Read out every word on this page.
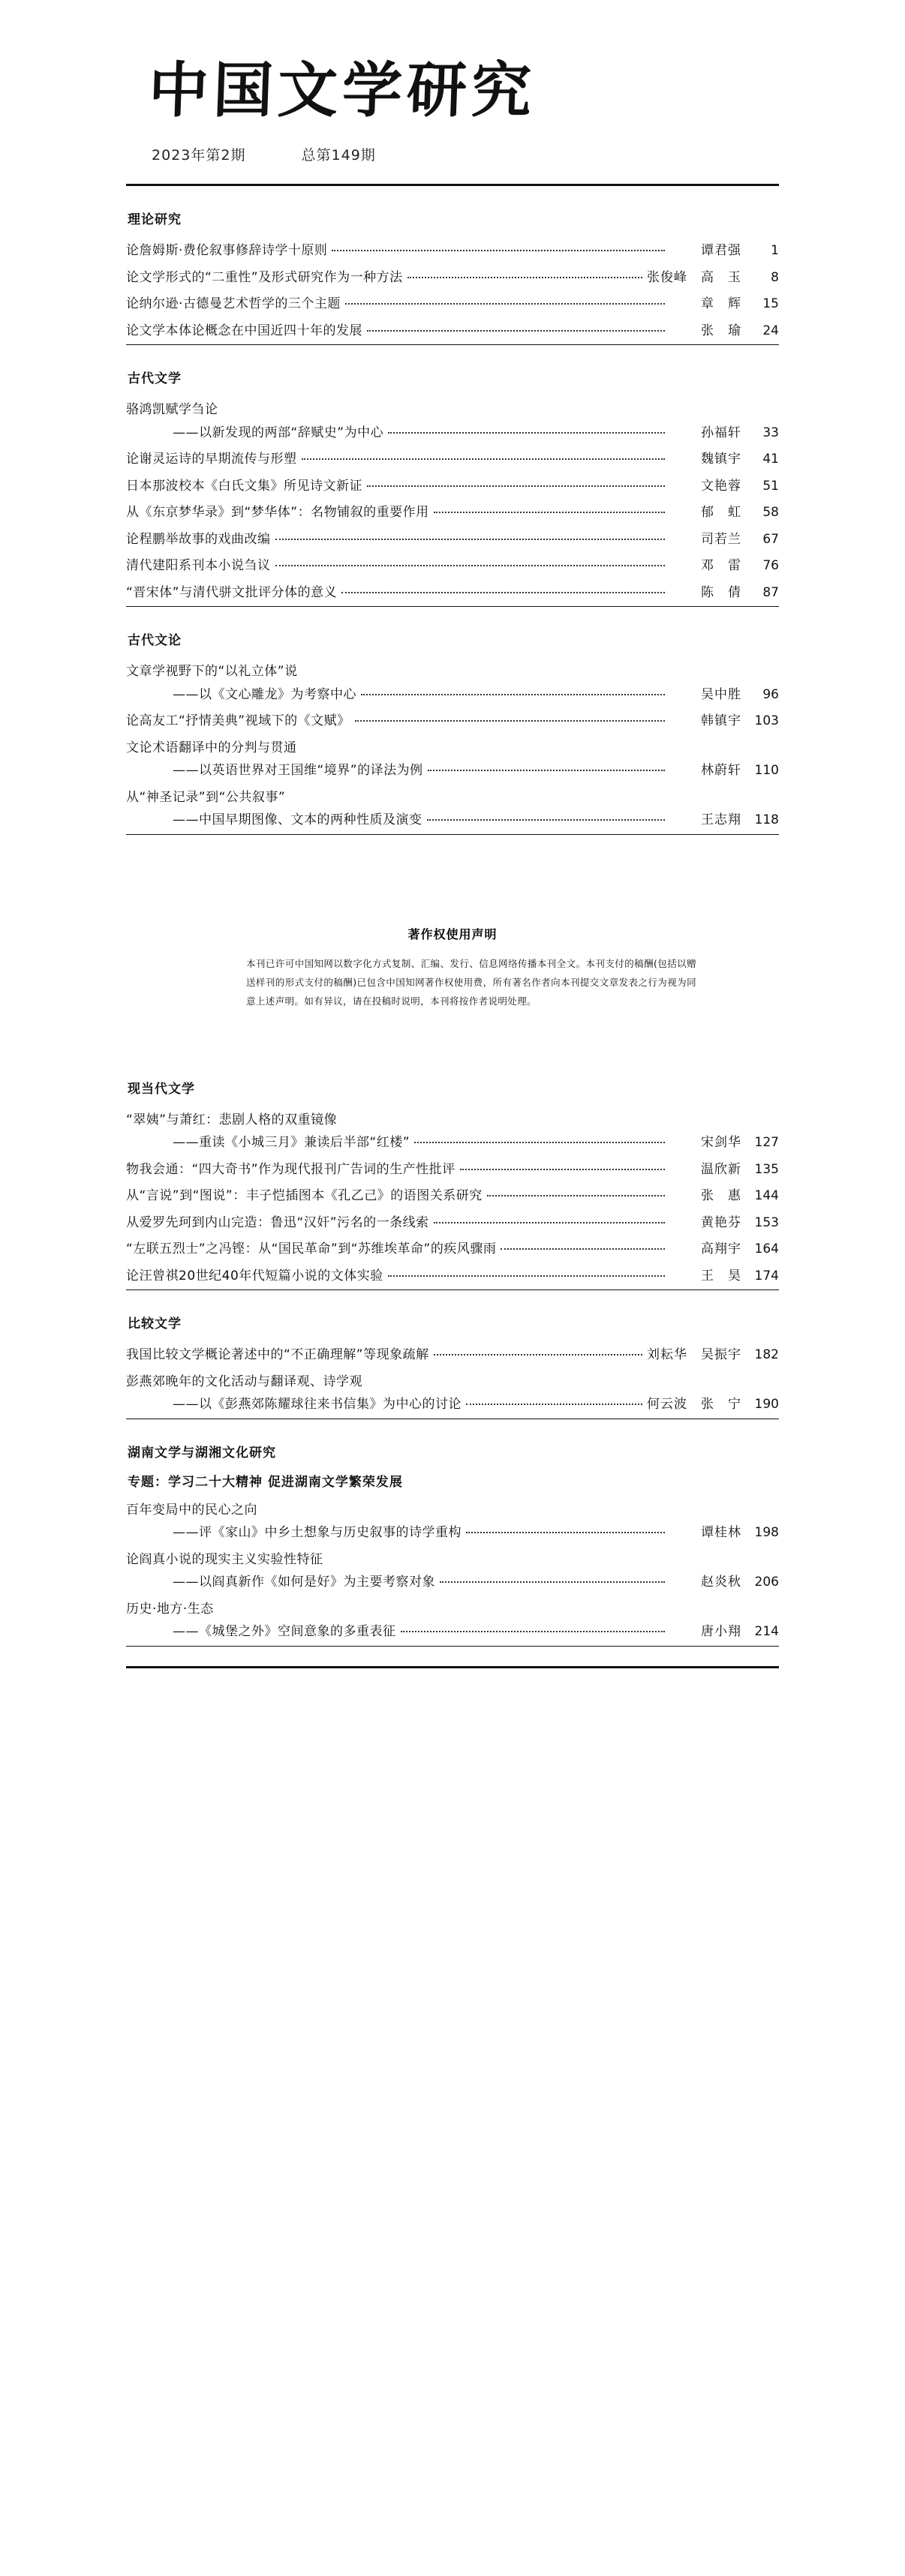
中国文学研究
2023年第2期	总第149期
理论研究
论詹姆斯·费伦叙事修辞诗学十原则	谭君强	1
论文学形式的“二重性”及形式研究作为一种方法	张俊峰　高　玉	8
论纳尔逊·古德曼艺术哲学的三个主题	章　辉	15
论文学本体论概念在中国近四十年的发展	张　瑜	24
古代文学
骆鸿凯赋学刍论
——以新发现的两部“辞赋史”为中心	孙福轩	33
论谢灵运诗的早期流传与形塑	魏镇宇	41
日本那波校本《白氏文集》所见诗文新证	文艳蓉	51
从《东京梦华录》到“梦华体”：名物铺叙的重要作用	郁　虹	58
论程鹏举故事的戏曲改编	司若兰	67
清代建阳系刊本小说刍议	邓　雷	76
“晋宋体”与清代骈文批评分体的意义	陈　倩	87
古代文论
文章学视野下的“以礼立体”说
——以《文心雕龙》为考察中心	吴中胜	96
论高友工“抒情美典”视域下的《文赋》	韩镇宇	103
文论术语翻译中的分判与贯通
——以英语世界对王国维“境界”的译法为例	林蔚轩	110
从“神圣记录”到“公共叙事”
——中国早期图像、文本的两种性质及演变	王志翔	118
著作权使用声明
本刊已许可中国知网以数字化方式复制、汇编、发行、信息网络传播本刊全文。本刊支付的稿酬(包括以赠送样刊的形式支付的稿酬)已包含中国知网著作权使用费，所有著名作者向本刊提交文章发表之行为视为同意上述声明。如有异议，请在投稿时说明，本刊将按作者说明处理。
现当代文学
“翠姨”与萧红：悲剧人格的双重镜像
——重读《小城三月》兼读后半部“红楼”	宋剑华	127
物我会通：“四大奇书”作为现代报刊广告词的生产性批评	温欣新	135
从“言说”到“图说”：丰子恺插图本《孔乙己》的语图关系研究	张　惠	144
从爱罗先珂到内山完造：鲁迅“汉奸”污名的一条线索	黄艳芬	153
“左联五烈士”之冯铿：从“国民革命”到“苏维埃革命”的疾风骤雨	高翔宇	164
论汪曾祺20世纪40年代短篇小说的文体实验	王　昊	174
比较文学
我国比较文学概论著述中的“不正确理解”等现象疏解	刘耘华　吴振宇	182
彭燕郊晚年的文化活动与翻译观、诗学观
——以《彭燕郊陈耀球往来书信集》为中心的讨论	何云波　张　宁	190
湖南文学与湖湘文化研究
专题：学习二十大精神 促进湖南文学繁荣发展
百年变局中的民心之向
——评《家山》中乡土想象与历史叙事的诗学重构	谭桂林	198
论阎真小说的现实主义实验性特征
——以阎真新作《如何是好》为主要考察对象	赵炎秋	206
历史·地方·生态
——《城堡之外》空间意象的多重表征	唐小翔	214
